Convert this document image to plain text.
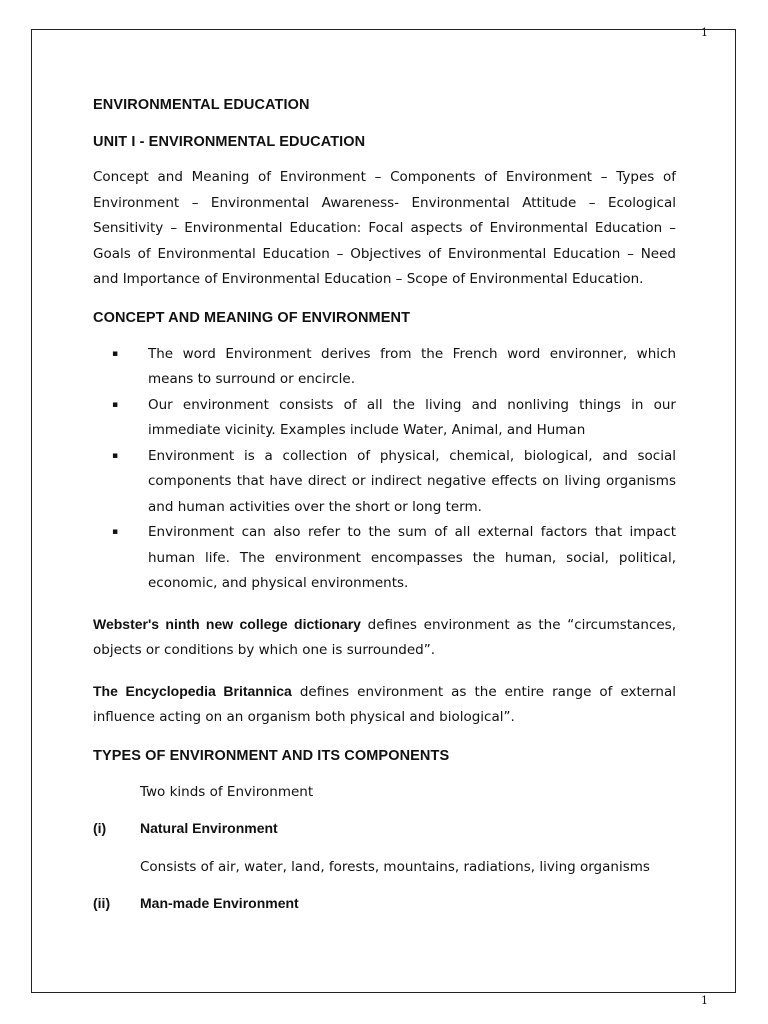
1
ENVIRONMENTAL EDUCATION
UNIT I - ENVIRONMENTAL EDUCATION

Concept and Meaning of Environment – Components of Environment – Types of Environment – Environmental Awareness- Environmental Attitude – Ecological Sensitivity – Environmental Education: Focal aspects of Environmental Education – Goals of Environmental Education – Objectives of Environmental Education – Need and Importance of Environmental Education – Scope of Environmental Education.

CONCEPT AND MEANING OF ENVIRONMENT
▪ The word Environment derives from the French word environner, which means to surround or encircle.
▪ Our environment consists of all the living and nonliving things in our immediate vicinity. Examples include Water, Animal, and Human
▪ Environment is a collection of physical, chemical, biological, and social components that have direct or indirect negative effects on living organisms and human activities over the short or long term.
▪ Environment can also refer to the sum of all external factors that impact human life. The environment encompasses the human, social, political, economic, and physical environments.

Webster's ninth new college dictionary defines environment as the “circumstances, objects or conditions by which one is surrounded”.

The Encyclopedia Britannica defines environment as the entire range of external influence acting on an organism both physical and biological”.

TYPES OF ENVIRONMENT AND ITS COMPONENTS
Two kinds of Environment
(i) Natural Environment
Consists of air, water, land, forests, mountains, radiations, living organisms
(ii) Man-made Environment
1
